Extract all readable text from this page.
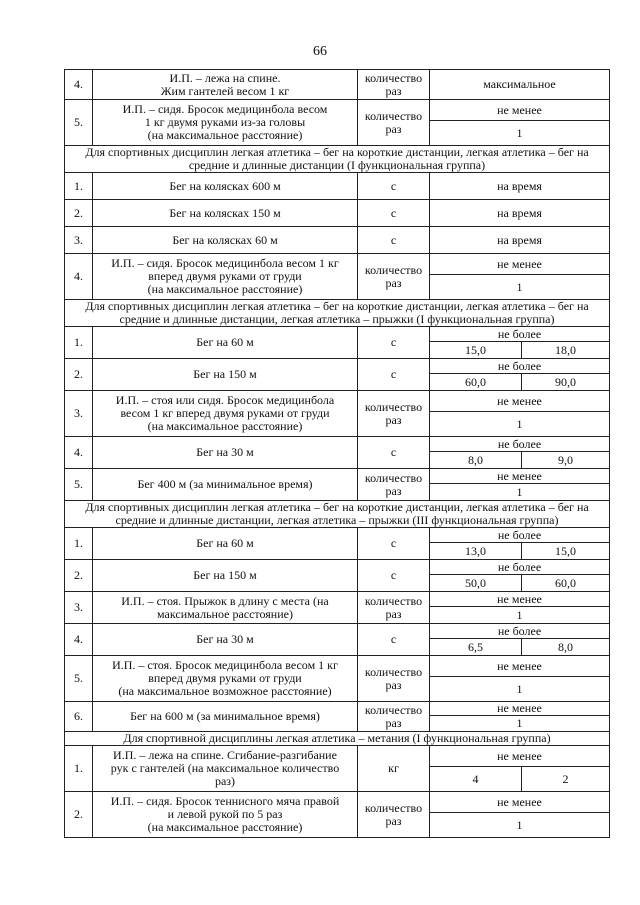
66
4.	И.П. – лежа на спине.
Жим гантелей весом 1 кг	количество
раз	максимальное	
5.	И.П. – сидя. Бросок медицинбола весом
1 кг двумя руками из-за головы
(на максимальное расстояние)	количество
раз	не менее	
			1	
Для спортивных дисциплин легкая атлетика – бег на короткие дистанции, легкая атлетика – бег на средние и длинные дистанции (I функциональная группа)				
1.	Бег на колясках 600 м	с	на время	
2.	Бег на колясках 150 м	с	на время	
3.	Бег на колясках 60 м	с	на время	
4.	И.П. – сидя. Бросок медицинбола весом 1 кг
вперед двумя руками от груди
(на максимальное расстояние)	количество
раз	не менее	
			1	
Для спортивных дисциплин легкая атлетика – бег на короткие дистанции, легкая атлетика – бег на средние и длинные дистанции, легкая атлетика – прыжки (I функциональная группа)				
1.	Бег на 60 м	с	не более	
			15,0	18,0
2.	Бег на 150 м	с	не более	
			60,0	90,0
3.	И.П. – стоя или сидя. Бросок медицинбола
весом 1 кг вперед двумя руками от груди
(на максимальное расстояние)	количество
раз	не менее	
			1	
4.	Бег на 30 м	с	не более	
			8,0	9,0
5.	Бег 400 м (за минимальное время)	количество
раз	не менее	
			1	
Для спортивных дисциплин легкая атлетика – бег на короткие дистанции, легкая атлетика – бег на средние и длинные дистанции, легкая атлетика – прыжки (III функциональная группа)				
1.	Бег на 60 м	с	не более	
			13,0	15,0
2.	Бег на 150 м	с	не более	
			50,0	60,0
3.	И.П. – стоя. Прыжок в длину с места (на
максимальное расстояние)	количество
раз	не менее	
			1	
4.	Бег на 30 м	с	не более	
			6,5	8,0
5.	И.П. – стоя. Бросок медицинбола весом 1 кг
вперед двумя руками от груди
(на максимальное возможное расстояние)	количество
раз	не менее	
			1	
6.	Бег на 600 м (за минимальное время)	количество
раз	не менее	
			1	
Для спортивной дисциплины легкая атлетика – метания (I функциональная группа)				
1.	И.П. – лежа на спине. Сгибание-разгибание
рук с гантелей (на максимальное количество
раз)	кг	не менее	
			4	2
2.	И.П. – сидя. Бросок теннисного мяча правой
и левой рукой по 5 раз
(на максимальное расстояние)	количество
раз	не менее	
			1	
